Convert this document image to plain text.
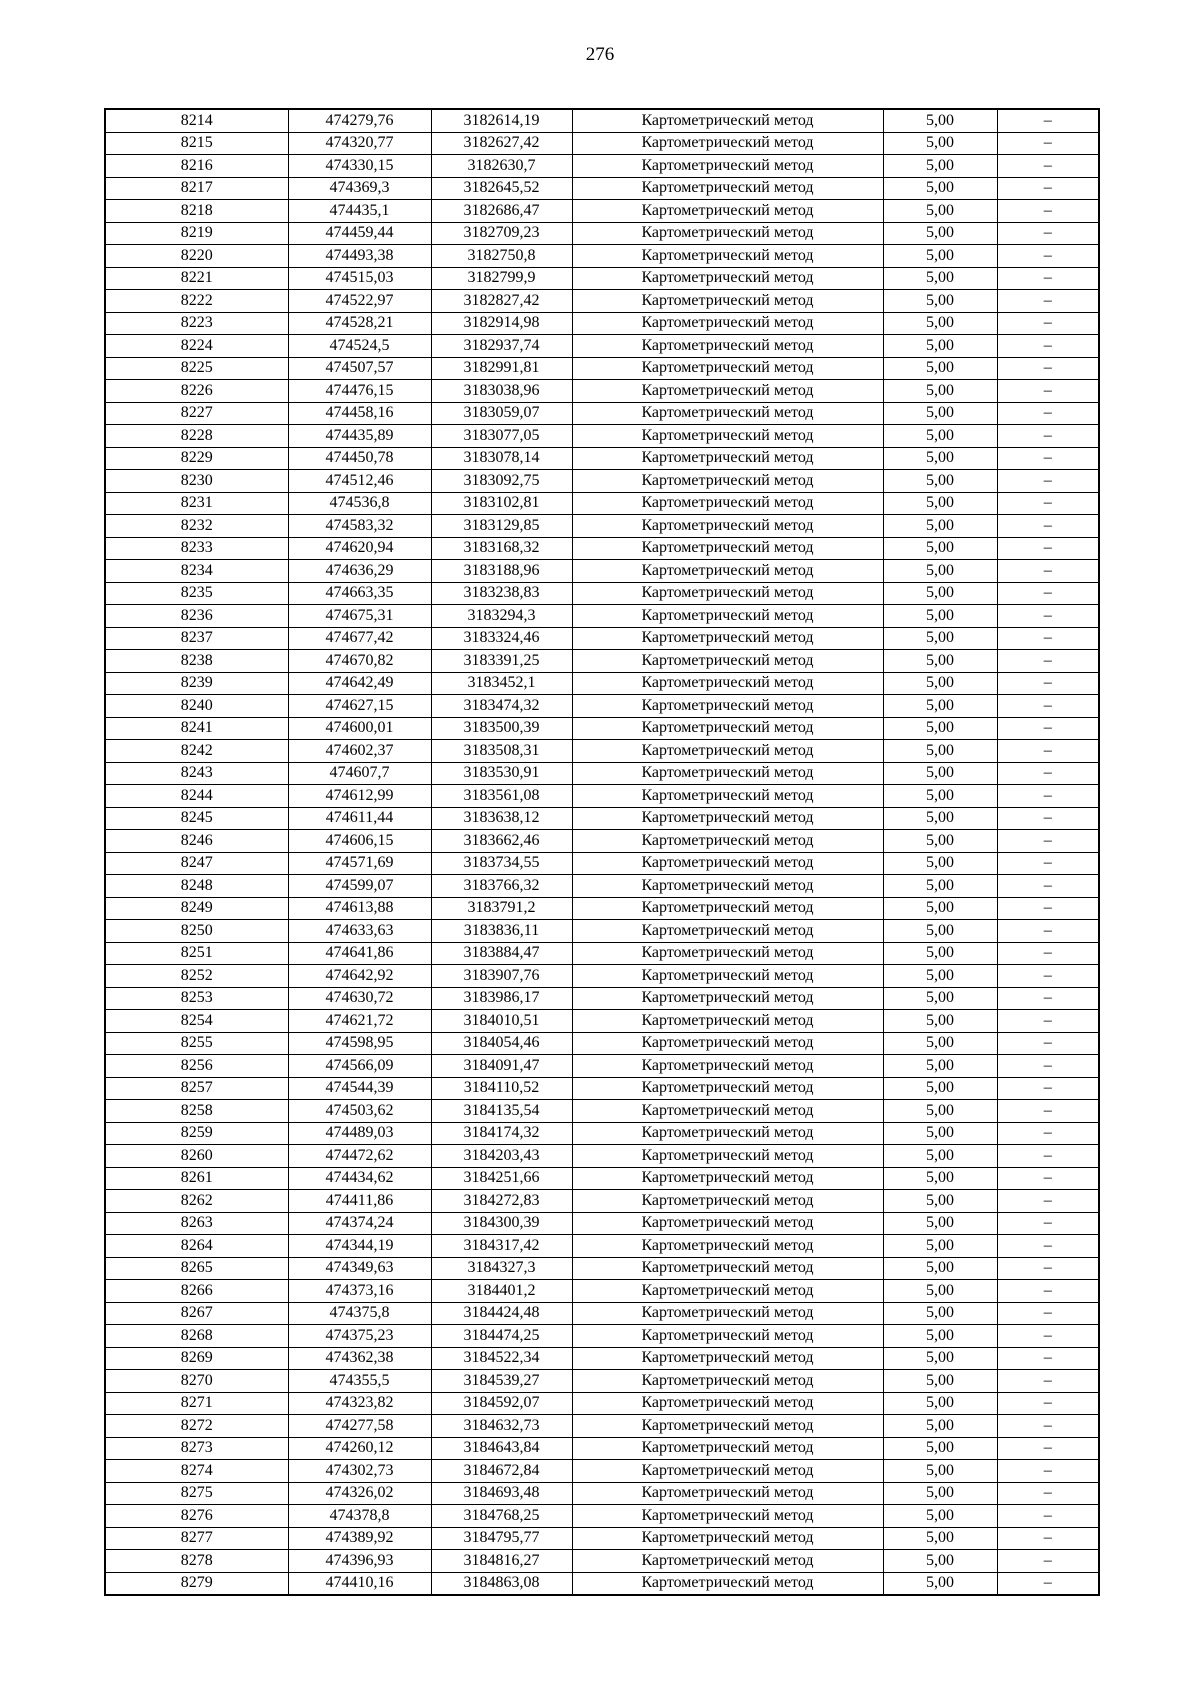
276
8214	474279,76	3182614,19	Картометрический метод	5,00	–
8215	474320,77	3182627,42	Картометрический метод	5,00	–
8216	474330,15	3182630,7	Картометрический метод	5,00	–
8217	474369,3	3182645,52	Картометрический метод	5,00	–
8218	474435,1	3182686,47	Картометрический метод	5,00	–
8219	474459,44	3182709,23	Картометрический метод	5,00	–
8220	474493,38	3182750,8	Картометрический метод	5,00	–
8221	474515,03	3182799,9	Картометрический метод	5,00	–
8222	474522,97	3182827,42	Картометрический метод	5,00	–
8223	474528,21	3182914,98	Картометрический метод	5,00	–
8224	474524,5	3182937,74	Картометрический метод	5,00	–
8225	474507,57	3182991,81	Картометрический метод	5,00	–
8226	474476,15	3183038,96	Картометрический метод	5,00	–
8227	474458,16	3183059,07	Картометрический метод	5,00	–
8228	474435,89	3183077,05	Картометрический метод	5,00	–
8229	474450,78	3183078,14	Картометрический метод	5,00	–
8230	474512,46	3183092,75	Картометрический метод	5,00	–
8231	474536,8	3183102,81	Картометрический метод	5,00	–
8232	474583,32	3183129,85	Картометрический метод	5,00	–
8233	474620,94	3183168,32	Картометрический метод	5,00	–
8234	474636,29	3183188,96	Картометрический метод	5,00	–
8235	474663,35	3183238,83	Картометрический метод	5,00	–
8236	474675,31	3183294,3	Картометрический метод	5,00	–
8237	474677,42	3183324,46	Картометрический метод	5,00	–
8238	474670,82	3183391,25	Картометрический метод	5,00	–
8239	474642,49	3183452,1	Картометрический метод	5,00	–
8240	474627,15	3183474,32	Картометрический метод	5,00	–
8241	474600,01	3183500,39	Картометрический метод	5,00	–
8242	474602,37	3183508,31	Картометрический метод	5,00	–
8243	474607,7	3183530,91	Картометрический метод	5,00	–
8244	474612,99	3183561,08	Картометрический метод	5,00	–
8245	474611,44	3183638,12	Картометрический метод	5,00	–
8246	474606,15	3183662,46	Картометрический метод	5,00	–
8247	474571,69	3183734,55	Картометрический метод	5,00	–
8248	474599,07	3183766,32	Картометрический метод	5,00	–
8249	474613,88	3183791,2	Картометрический метод	5,00	–
8250	474633,63	3183836,11	Картометрический метод	5,00	–
8251	474641,86	3183884,47	Картометрический метод	5,00	–
8252	474642,92	3183907,76	Картометрический метод	5,00	–
8253	474630,72	3183986,17	Картометрический метод	5,00	–
8254	474621,72	3184010,51	Картометрический метод	5,00	–
8255	474598,95	3184054,46	Картометрический метод	5,00	–
8256	474566,09	3184091,47	Картометрический метод	5,00	–
8257	474544,39	3184110,52	Картометрический метод	5,00	–
8258	474503,62	3184135,54	Картометрический метод	5,00	–
8259	474489,03	3184174,32	Картометрический метод	5,00	–
8260	474472,62	3184203,43	Картометрический метод	5,00	–
8261	474434,62	3184251,66	Картометрический метод	5,00	–
8262	474411,86	3184272,83	Картометрический метод	5,00	–
8263	474374,24	3184300,39	Картометрический метод	5,00	–
8264	474344,19	3184317,42	Картометрический метод	5,00	–
8265	474349,63	3184327,3	Картометрический метод	5,00	–
8266	474373,16	3184401,2	Картометрический метод	5,00	–
8267	474375,8	3184424,48	Картометрический метод	5,00	–
8268	474375,23	3184474,25	Картометрический метод	5,00	–
8269	474362,38	3184522,34	Картометрический метод	5,00	–
8270	474355,5	3184539,27	Картометрический метод	5,00	–
8271	474323,82	3184592,07	Картометрический метод	5,00	–
8272	474277,58	3184632,73	Картометрический метод	5,00	–
8273	474260,12	3184643,84	Картометрический метод	5,00	–
8274	474302,73	3184672,84	Картометрический метод	5,00	–
8275	474326,02	3184693,48	Картометрический метод	5,00	–
8276	474378,8	3184768,25	Картометрический метод	5,00	–
8277	474389,92	3184795,77	Картометрический метод	5,00	–
8278	474396,93	3184816,27	Картометрический метод	5,00	–
8279	474410,16	3184863,08	Картометрический метод	5,00	–
